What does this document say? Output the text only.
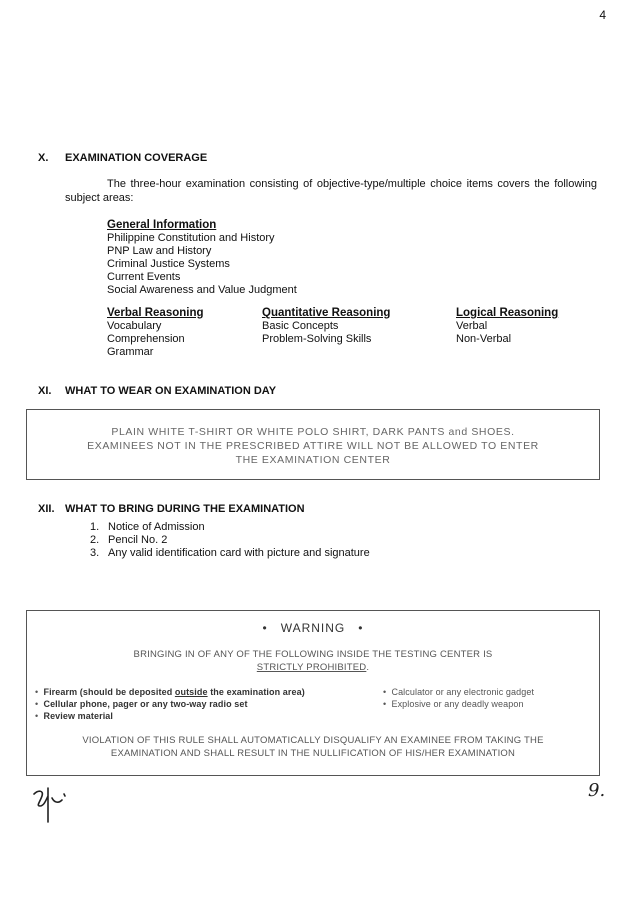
4
X. EXAMINATION COVERAGE
The three-hour examination consisting of objective-type/multiple choice items covers the following subject areas:
General Information
Philippine Constitution and History
PNP Law and History
Criminal Justice Systems
Current Events
Social Awareness and Value Judgment
Verbal Reasoning
Vocabulary
Comprehension
Grammar
Quantitative Reasoning
Basic Concepts
Problem-Solving Skills
Logical Reasoning
Verbal
Non-Verbal
XI. WHAT TO WEAR ON EXAMINATION DAY
PLAIN WHITE T-SHIRT OR WHITE POLO SHIRT, DARK PANTS and SHOES.
EXAMINEES NOT IN THE PRESCRIBED ATTIRE WILL NOT BE ALLOWED TO ENTER
THE EXAMINATION CENTER
XII. WHAT TO BRING DURING THE EXAMINATION
1. Notice of Admission
2. Pencil No. 2
3. Any valid identification card with picture and signature
• WARNING •
BRINGING IN OF ANY OF THE FOLLOWING INSIDE THE TESTING CENTER IS
STRICTLY PROHIBITED.
• Firearm (should be deposited outside the examination area)
• Cellular phone, pager or any two-way radio set
• Review material
• Calculator or any electronic gadget
• Explosive or any deadly weapon
VIOLATION OF THIS RULE SHALL AUTOMATICALLY DISQUALIFY AN EXAMINEE FROM TAKING THE
EXAMINATION AND SHALL RESULT IN THE NULLIFICATION OF HIS/HER EXAMINATION
9.
